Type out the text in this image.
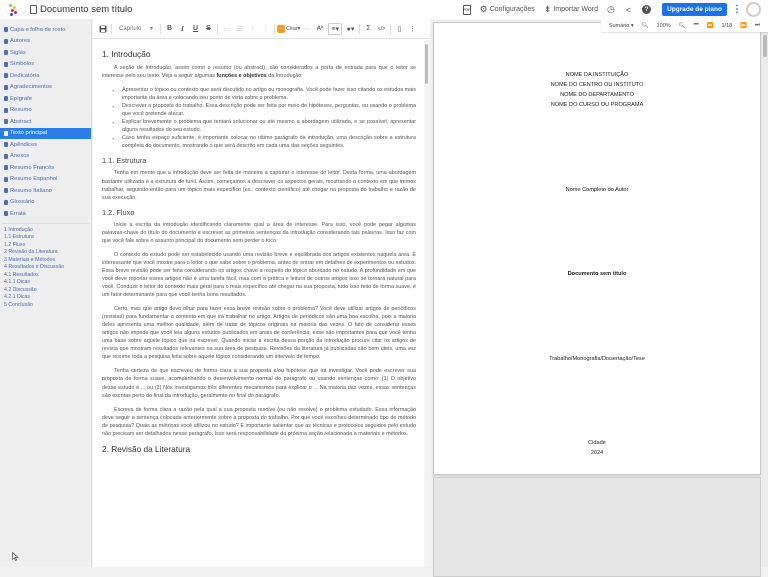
Documento sem título	PDF ⚙ Configurações ⇟ Importar Word ◷ <	?	Upgrade de plano	⋮
Capa e folha de rosto
Autores
Siglas
Símbolos
Dedicatória
Agradecimentos
Epígrafe
Resumo
Abstract
Texto principal
Apêndices
Anexos
Resumo Francês
Resumo Espanhol
Resumo Italiano
Glossário
Errata
1 Introdução
1.1 Estrutura
1.2 Fluxo
2 Revisão da Literatura
3 Materiais e Métodos
4 Resultados e Discussão
4.1 Resultados
4.1.1 Dicas
4.2 Discussão
4.2.1 Dicas
5 Conclusão
Capítulo ▾ B	I	U	S	▭ ☰	⁝	⁞	Citar ▾ ↔ A²	≡▾	●▾	Σ	</>	▯	⋮
1. Introdução

A seção de Introdução, assim como o resumo (ou abstract), são considerados a porta de entrada para que o leitor se interesse pelo seu texto. Veja a seguir algumas funções e objetivos da Introdução:

• Apresentar o tópico ou contexto que será discutido no artigo ou monografia. Você pode fazer isso citando os estudos mais importante da área e colocando seu ponto de vista sobre o problema.
• Descrever a proposta do trabalho. Essa descrição pode ser feita por meio de hipóteses, perguntas, ou usando o problema que você pretende atacar.
• Explicar brevemente o problema que tentará solucionar ou até mesmo a abordagem utilizada, e se possível, apresentar alguns resultados do seu estudo.
• Caso tenha espaço suficiente, é importante colocar no ultimo parágrafo da introdução, uma descrição sobre a estrutura completa do documento, mostrando o que será descrito em cada uma das seções seguintes.
1.1. Estrutura

Tenha em mente que a introdução deve ser feita de maneira a capturar o interesse do leitor. Desta forma, uma abordagem bastante utilizada é a estrutura de funil. Assim, começamos a descrever os aspectos gerais, mostrando o contexto em que iremos trabalhar, seguindo então para um tópico mais específico (ex.: contexto científico) até chegar na proposta do trabalho e razão de sua execução.

1.2. Fluxo

Inicie a escrita da introdução identificando claramente qual a área de interesse. Para isso, você pode pegar algumas palavras-chave do título do documento e escrever as primeiras sentenças da introdução considerando tais palavras. Isso faz com que você fale sobre o assunto principal do documento sem perder o foco.

O contexto do estudo pode ser estabelecido usando uma revisão breve e equilibrada dos artigos existentes naquela área. É interessante que você mostre para o leitor o que sabe sobre o problema, antes de entrar em detalhes de experimentos ou estudos. Essa breve revisão pode ser feita considerando os artigos chave a respeito do tópico abordado no estudo. A profundidade em que você deve reportar esses artigos não é uma tarefa fácil, mas com a prática e leitura de outros artigos isso se tornará natural para você. Conduzir o leitor do contexto mais geral para o mais específico até chegar na sua proposta, tudo isso feito de forma suave, é um fator determinante para que você tenha bons resultados.

Certo, mas que artigo devo olhar para fazer essa breve revisão sobre o problema? Você deve utilizar artigos de periódicos (revistas) para fundamentar o contexto em que irá trabalhar no artigo. Artigos de periódicos são uma boa escolha, pois a maioria deles apresenta uma melhor qualidade, além de tratar de tópicos originais na maioria das vezes. O fato de considerar esses artigos não impede que você leia alguns estudos publicados em anais de conferência, esse são importantes para que você tenha uma base sobre aquele tópico que irá escrever. Quando iniciar a escrita dessa porção da introdução procure citar os artigos de revista que mostram resultados relevantes na sua área de pesquisa. Revisões da literatura já publicadas são bem úteis, uma vez que resume toda a pesquisa feita sobre aquele tópico considerando um intervalo de tempo.

Tenha certeza de que escreveu de forma clara a sua proposta e/ou hipótese que irá investigar. Você pode escrever sua proposta de forma suave, acompanhando o desenvolvimento normal do parágrafo ou usando sentenças como: (1) O objetivo desse estudo é ... ou (2) Nós investigamos três diferentes mecanismos para explicar o ... Na maioria das vezes, essas sentenças são escritas perto do final da introdução, geralmente no final do parágrafo.

Escreva de forma clara a razão pela qual a sua proposta resolve (ou não resolve) o problema estudado. Essa informação deve seguir a sentença colocada anteriormente sobre a proposta do trabalho. Por que você escolheu determinado tipo de método de pesquisa? Quais as métricas você utilizou no estudo? É importante salientar que as técnicas e protocolos seguidos pelo estudo não precisam ser detalhados nesse parágrafo. Isso será responsabilidade da próxima seção relacionada a materiais e métodos.

2. Revisão da Literatura
Sumário ▾ 🔍︎ 100% 🔍︎ ⏮ ⏪ 1/18 ⏩ ⏭
NOME DA INSTITUIÇÃO
NOME DO CENTRO OU INSTITUTO
NOME DO DEPARTAMENTO
NOME DO CURSO OU PROGRAMA
Nome Completo do Autor
Documento sem título
Trabalho/Monografia/Dissertação/Tese
Cidade
2024
